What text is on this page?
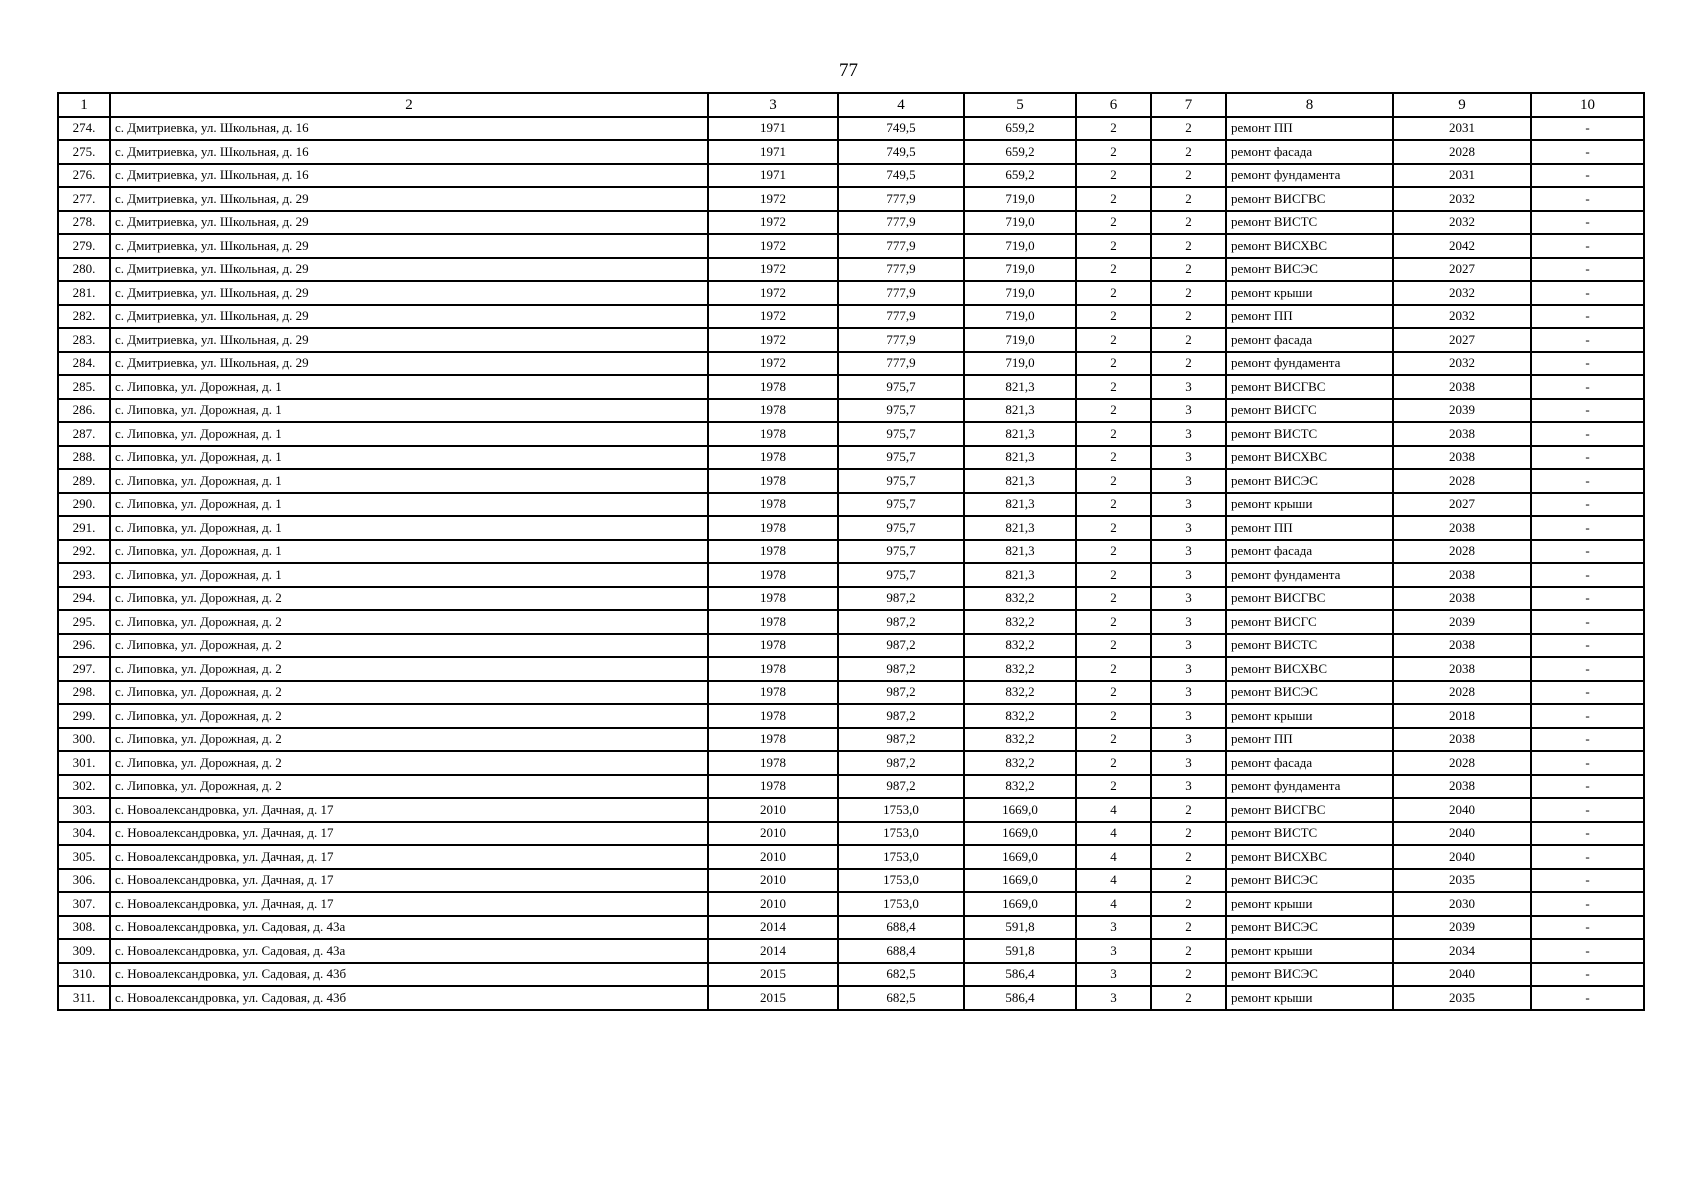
77
1	2	3	4	5	6	7	8	9	10
274.	с. Дмитриевка, ул. Школьная, д. 16	1971	749,5	659,2	2	2	ремонт ПП	2031	-
275.	с. Дмитриевка, ул. Школьная, д. 16	1971	749,5	659,2	2	2	ремонт фасада	2028	-
276.	с. Дмитриевка, ул. Школьная, д. 16	1971	749,5	659,2	2	2	ремонт фундамента	2031	-
277.	с. Дмитриевка, ул. Школьная, д. 29	1972	777,9	719,0	2	2	ремонт ВИСГВС	2032	-
278.	с. Дмитриевка, ул. Школьная, д. 29	1972	777,9	719,0	2	2	ремонт ВИСТС	2032	-
279.	с. Дмитриевка, ул. Школьная, д. 29	1972	777,9	719,0	2	2	ремонт ВИСХВС	2042	-
280.	с. Дмитриевка, ул. Школьная, д. 29	1972	777,9	719,0	2	2	ремонт ВИСЭС	2027	-
281.	с. Дмитриевка, ул. Школьная, д. 29	1972	777,9	719,0	2	2	ремонт крыши	2032	-
282.	с. Дмитриевка, ул. Школьная, д. 29	1972	777,9	719,0	2	2	ремонт ПП	2032	-
283.	с. Дмитриевка, ул. Школьная, д. 29	1972	777,9	719,0	2	2	ремонт фасада	2027	-
284.	с. Дмитриевка, ул. Школьная, д. 29	1972	777,9	719,0	2	2	ремонт фундамента	2032	-
285.	с. Липовка, ул. Дорожная, д. 1	1978	975,7	821,3	2	3	ремонт ВИСГВС	2038	-
286.	с. Липовка, ул. Дорожная, д. 1	1978	975,7	821,3	2	3	ремонт ВИСГС	2039	-
287.	с. Липовка, ул. Дорожная, д. 1	1978	975,7	821,3	2	3	ремонт ВИСТС	2038	-
288.	с. Липовка, ул. Дорожная, д. 1	1978	975,7	821,3	2	3	ремонт ВИСХВС	2038	-
289.	с. Липовка, ул. Дорожная, д. 1	1978	975,7	821,3	2	3	ремонт ВИСЭС	2028	-
290.	с. Липовка, ул. Дорожная, д. 1	1978	975,7	821,3	2	3	ремонт крыши	2027	-
291.	с. Липовка, ул. Дорожная, д. 1	1978	975,7	821,3	2	3	ремонт ПП	2038	-
292.	с. Липовка, ул. Дорожная, д. 1	1978	975,7	821,3	2	3	ремонт фасада	2028	-
293.	с. Липовка, ул. Дорожная, д. 1	1978	975,7	821,3	2	3	ремонт фундамента	2038	-
294.	с. Липовка, ул. Дорожная, д. 2	1978	987,2	832,2	2	3	ремонт ВИСГВС	2038	-
295.	с. Липовка, ул. Дорожная, д. 2	1978	987,2	832,2	2	3	ремонт ВИСГС	2039	-
296.	с. Липовка, ул. Дорожная, д. 2	1978	987,2	832,2	2	3	ремонт ВИСТС	2038	-
297.	с. Липовка, ул. Дорожная, д. 2	1978	987,2	832,2	2	3	ремонт ВИСХВС	2038	-
298.	с. Липовка, ул. Дорожная, д. 2	1978	987,2	832,2	2	3	ремонт ВИСЭС	2028	-
299.	с. Липовка, ул. Дорожная, д. 2	1978	987,2	832,2	2	3	ремонт крыши	2018	-
300.	с. Липовка, ул. Дорожная, д. 2	1978	987,2	832,2	2	3	ремонт ПП	2038	-
301.	с. Липовка, ул. Дорожная, д. 2	1978	987,2	832,2	2	3	ремонт фасада	2028	-
302.	с. Липовка, ул. Дорожная, д. 2	1978	987,2	832,2	2	3	ремонт фундамента	2038	-
303.	с. Новоалександровка, ул. Дачная, д. 17	2010	1753,0	1669,0	4	2	ремонт ВИСГВС	2040	-
304.	с. Новоалександровка, ул. Дачная, д. 17	2010	1753,0	1669,0	4	2	ремонт ВИСТС	2040	-
305.	с. Новоалександровка, ул. Дачная, д. 17	2010	1753,0	1669,0	4	2	ремонт ВИСХВС	2040	-
306.	с. Новоалександровка, ул. Дачная, д. 17	2010	1753,0	1669,0	4	2	ремонт ВИСЭС	2035	-
307.	с. Новоалександровка, ул. Дачная, д. 17	2010	1753,0	1669,0	4	2	ремонт крыши	2030	-
308.	с. Новоалександровка, ул. Садовая, д. 43а	2014	688,4	591,8	3	2	ремонт ВИСЭС	2039	-
309.	с. Новоалександровка, ул. Садовая, д. 43а	2014	688,4	591,8	3	2	ремонт крыши	2034	-
310.	с. Новоалександровка, ул. Садовая, д. 43б	2015	682,5	586,4	3	2	ремонт ВИСЭС	2040	-
311.	с. Новоалександровка, ул. Садовая, д. 43б	2015	682,5	586,4	3	2	ремонт крыши	2035	-
